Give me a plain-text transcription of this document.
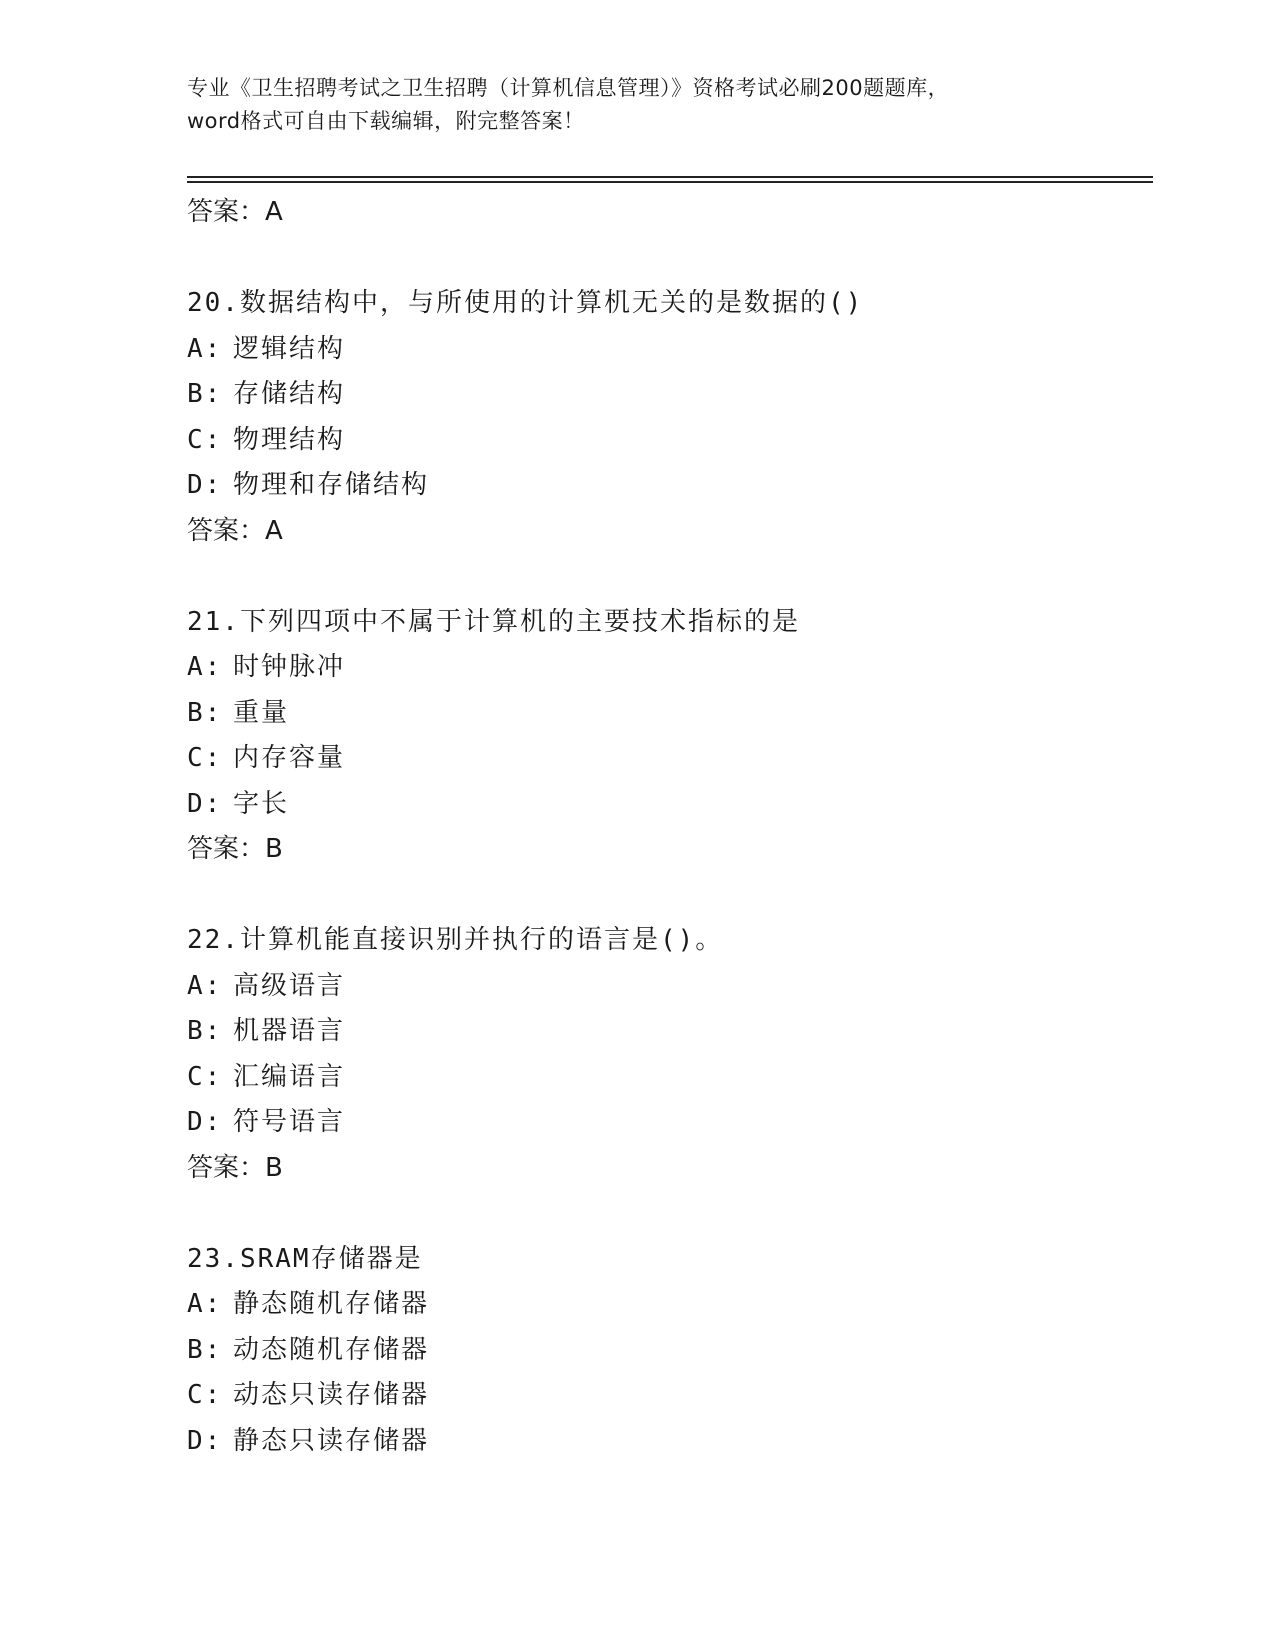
专业《卫生招聘考试之卫生招聘（计算机信息管理）》资格考试必刷200题题库，
word格式可自由下载编辑，附完整答案！
答案：A
20.数据结构中，与所使用的计算机无关的是数据的()
A: 逻辑结构
B: 存储结构
C: 物理结构
D: 物理和存储结构
答案：A
21.下列四项中不属于计算机的主要技术指标的是
A: 时钟脉冲
B: 重量
C: 内存容量
D: 字长
答案：B
22.计算机能直接识别并执行的语言是()。
A: 高级语言
B: 机器语言
C: 汇编语言
D: 符号语言
答案：B
23.SRAM存储器是
A: 静态随机存储器
B: 动态随机存储器
C: 动态只读存储器
D: 静态只读存储器
